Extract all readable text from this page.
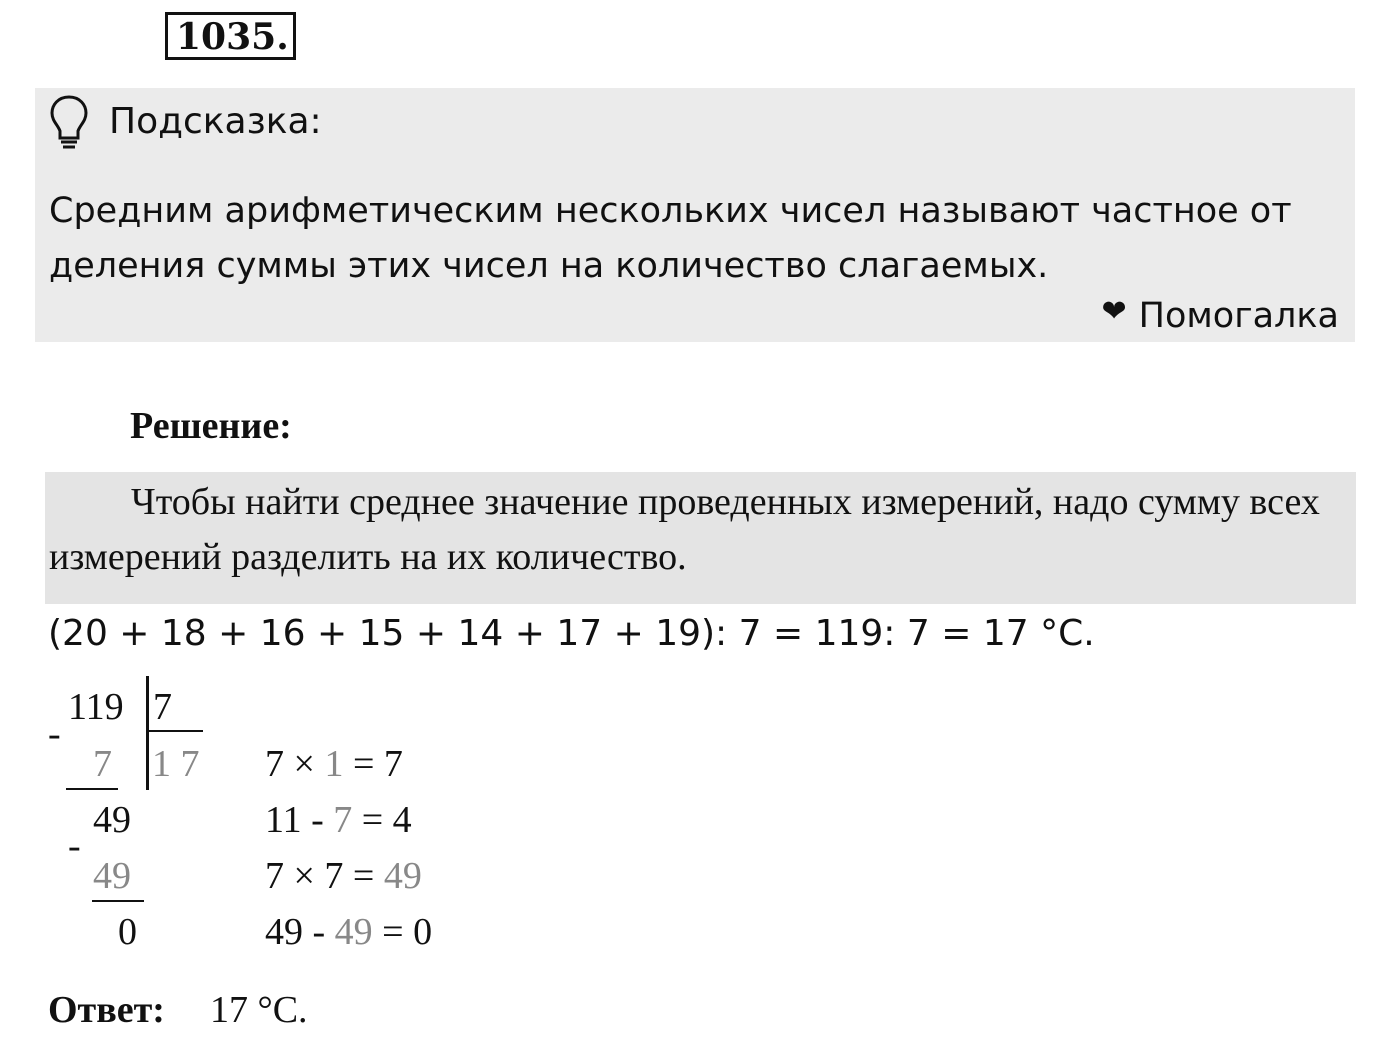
1035.
Подсказка:
Средним арифметическим нескольких чисел называют частное от деления суммы этих чисел на количество слагаемых.
❤ Помогалка
Решение:
Чтобы найти среднее значение проведенных измерений, надо сумму всех измерений разделить на их количество.
(20 + 18 + 16 + 15 + 14 + 17 + 19): 7 = 119: 7 = 17 °C.
119 7
1 7
-
7
49
-
49
0
7 × 1 = 7
11 - 7 = 4
7 × 7 = 49
49 - 49 = 0
Ответ: 17 °C.
